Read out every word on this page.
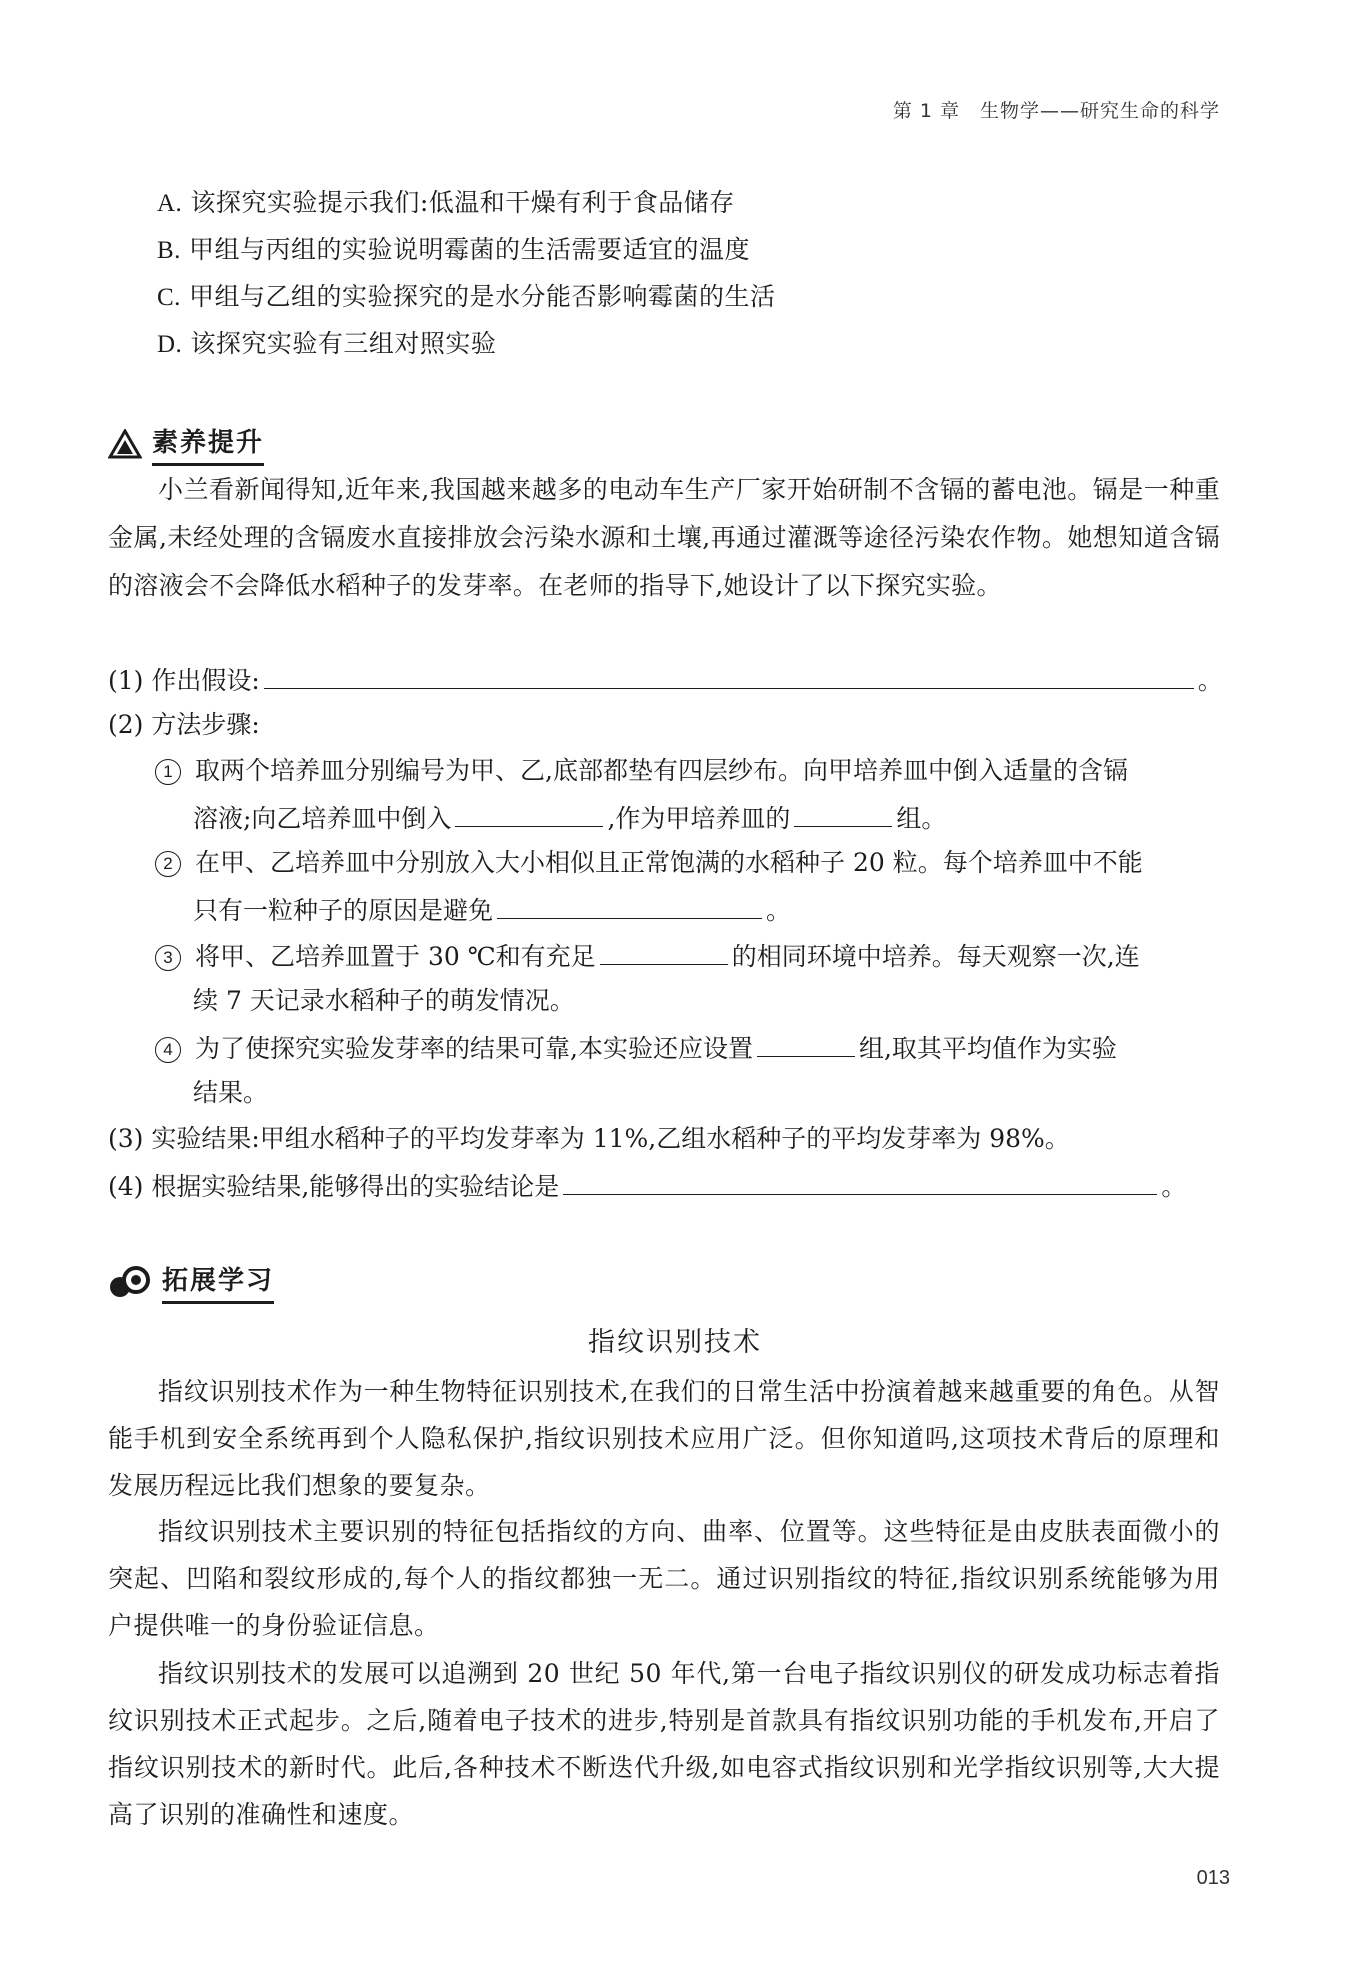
第 1 章　生物学——研究生命的科学
A. 该探究实验提示我们:低温和干燥有利于食品储存
B. 甲组与丙组的实验说明霉菌的生活需要适宜的温度
C. 甲组与乙组的实验探究的是水分能否影响霉菌的生活
D. 该探究实验有三组对照实验
素养提升
小兰看新闻得知,近年来,我国越来越多的电动车生产厂家开始研制不含镉的蓄电池。镉是一种重金属,未经处理的含镉废水直接排放会污染水源和土壤,再通过灌溉等途径污染农作物。她想知道含镉的溶液会不会降低水稻种子的发芽率。在老师的指导下,她设计了以下探究实验。
(1) 作出假设:	。
(2) 方法步骤:
1 取两个培养皿分别编号为甲、乙,底部都垫有四层纱布。向甲培养皿中倒入适量的含镉
溶液;向乙培养皿中倒入	,作为甲培养皿的	组。
2 在甲、乙培养皿中分别放入大小相似且正常饱满的水稻种子 20 粒。每个培养皿中不能
只有一粒种子的原因是避免	。
3 将甲、乙培养皿置于 30 ℃和有充足	的相同环境中培养。每天观察一次,连
续 7 天记录水稻种子的萌发情况。
4 为了使探究实验发芽率的结果可靠,本实验还应设置	组,取其平均值作为实验
结果。
(3) 实验结果:甲组水稻种子的平均发芽率为 11%,乙组水稻种子的平均发芽率为 98%。
(4) 根据实验结果,能够得出的实验结论是	。
拓展学习
指纹识别技术
指纹识别技术作为一种生物特征识别技术,在我们的日常生活中扮演着越来越重要的角色。从智能手机到安全系统再到个人隐私保护,指纹识别技术应用广泛。但你知道吗,这项技术背后的原理和发展历程远比我们想象的要复杂。
指纹识别技术主要识别的特征包括指纹的方向、曲率、位置等。这些特征是由皮肤表面微小的突起、凹陷和裂纹形成的,每个人的指纹都独一无二。通过识别指纹的特征,指纹识别系统能够为用户提供唯一的身份验证信息。
指纹识别技术的发展可以追溯到 20 世纪 50 年代,第一台电子指纹识别仪的研发成功标志着指纹识别技术正式起步。之后,随着电子技术的进步,特别是首款具有指纹识别功能的手机发布,开启了指纹识别技术的新时代。此后,各种技术不断迭代升级,如电容式指纹识别和光学指纹识别等,大大提高了识别的准确性和速度。
013
